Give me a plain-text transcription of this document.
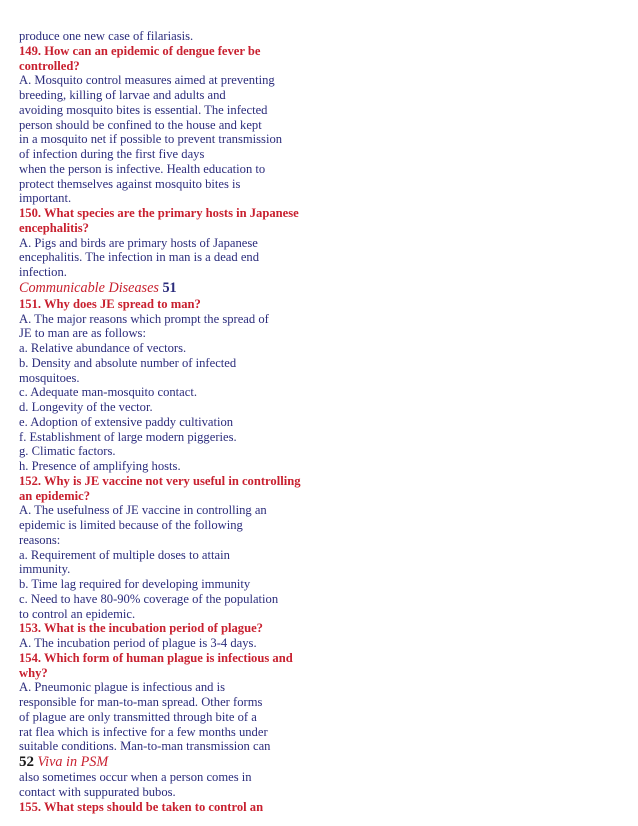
produce one new case of filariasis.
149. How can an epidemic of dengue fever be
controlled?
A. Mosquito control measures aimed at preventing
breeding, killing of larvae and adults and
avoiding mosquito bites is essential. The infected
person should be confined to the house and kept
in a mosquito net if possible to prevent transmission
of infection during the first five days
when the person is infective. Health education to
protect themselves against mosquito bites is
important.
150. What species are the primary hosts in Japanese
encephalitis?
A. Pigs and birds are primary hosts of Japanese
encephalitis. The infection in man is a dead end
infection.
Communicable Diseases 51
151. Why does JE spread to man?
A. The major reasons which prompt the spread of
JE to man are as follows:
a. Relative abundance of vectors.
b. Density and absolute number of infected
mosquitoes.
c. Adequate man-mosquito contact.
d. Longevity of the vector.
e. Adoption of extensive paddy cultivation
f. Establishment of large modern piggeries.
g. Climatic factors.
h. Presence of amplifying hosts.
152. Why is JE vaccine not very useful in controlling
an epidemic?
A. The usefulness of JE vaccine in controlling an
epidemic is limited because of the following
reasons:
a. Requirement of multiple doses to attain
immunity.
b. Time lag required for developing immunity
c. Need to have 80-90% coverage of the population
to control an epidemic.
153. What is the incubation period of plague?
A. The incubation period of plague is 3-4 days.
154. Which form of human plague is infectious and
why?
A. Pneumonic plague is infectious and is
responsible for man-to-man spread. Other forms
of plague are only transmitted through bite of a
rat flea which is infective for a few months under
suitable conditions. Man-to-man transmission can
52 Viva in PSM
also sometimes occur when a person comes in
contact with suppurated bubos.
155. What steps should be taken to control an
